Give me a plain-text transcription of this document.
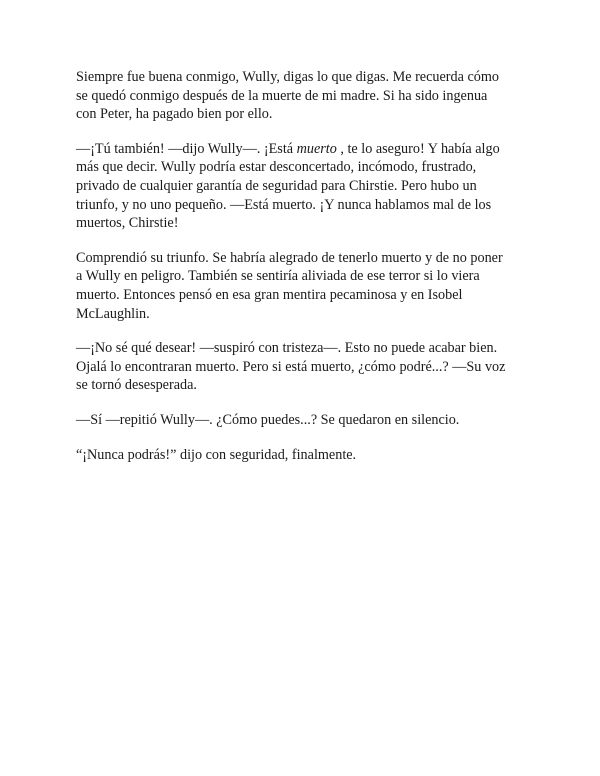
Siempre fue buena conmigo, Wully, digas lo que digas. Me recuerda cómo
se quedó conmigo después de la muerte de mi madre. Si ha sido ingenua
con Peter, ha pagado bien por ello.

—¡Tú también! —dijo Wully—. ¡Está muerto , te lo aseguro! Y había algo
más que decir. Wully podría estar desconcertado, incómodo, frustrado,
privado de cualquier garantía de seguridad para Chirstie. Pero hubo un
triunfo, y no uno pequeño. —Está muerto. ¡Y nunca hablamos mal de los
muertos, Chirstie!

Comprendió su triunfo. Se habría alegrado de tenerlo muerto y de no poner
a Wully en peligro. También se sentiría aliviada de ese terror si lo viera
muerto. Entonces pensó en esa gran mentira pecaminosa y en Isobel
McLaughlin.

—¡No sé qué desear! —suspiró con tristeza—. Esto no puede acabar bien.
Ojalá lo encontraran muerto. Pero si está muerto, ¿cómo podré...? —Su voz
se tornó desesperada.

—Sí —repitió Wully—. ¿Cómo puedes...? Se quedaron en silencio.

“¡Nunca podrás!” dijo con seguridad, finalmente.
